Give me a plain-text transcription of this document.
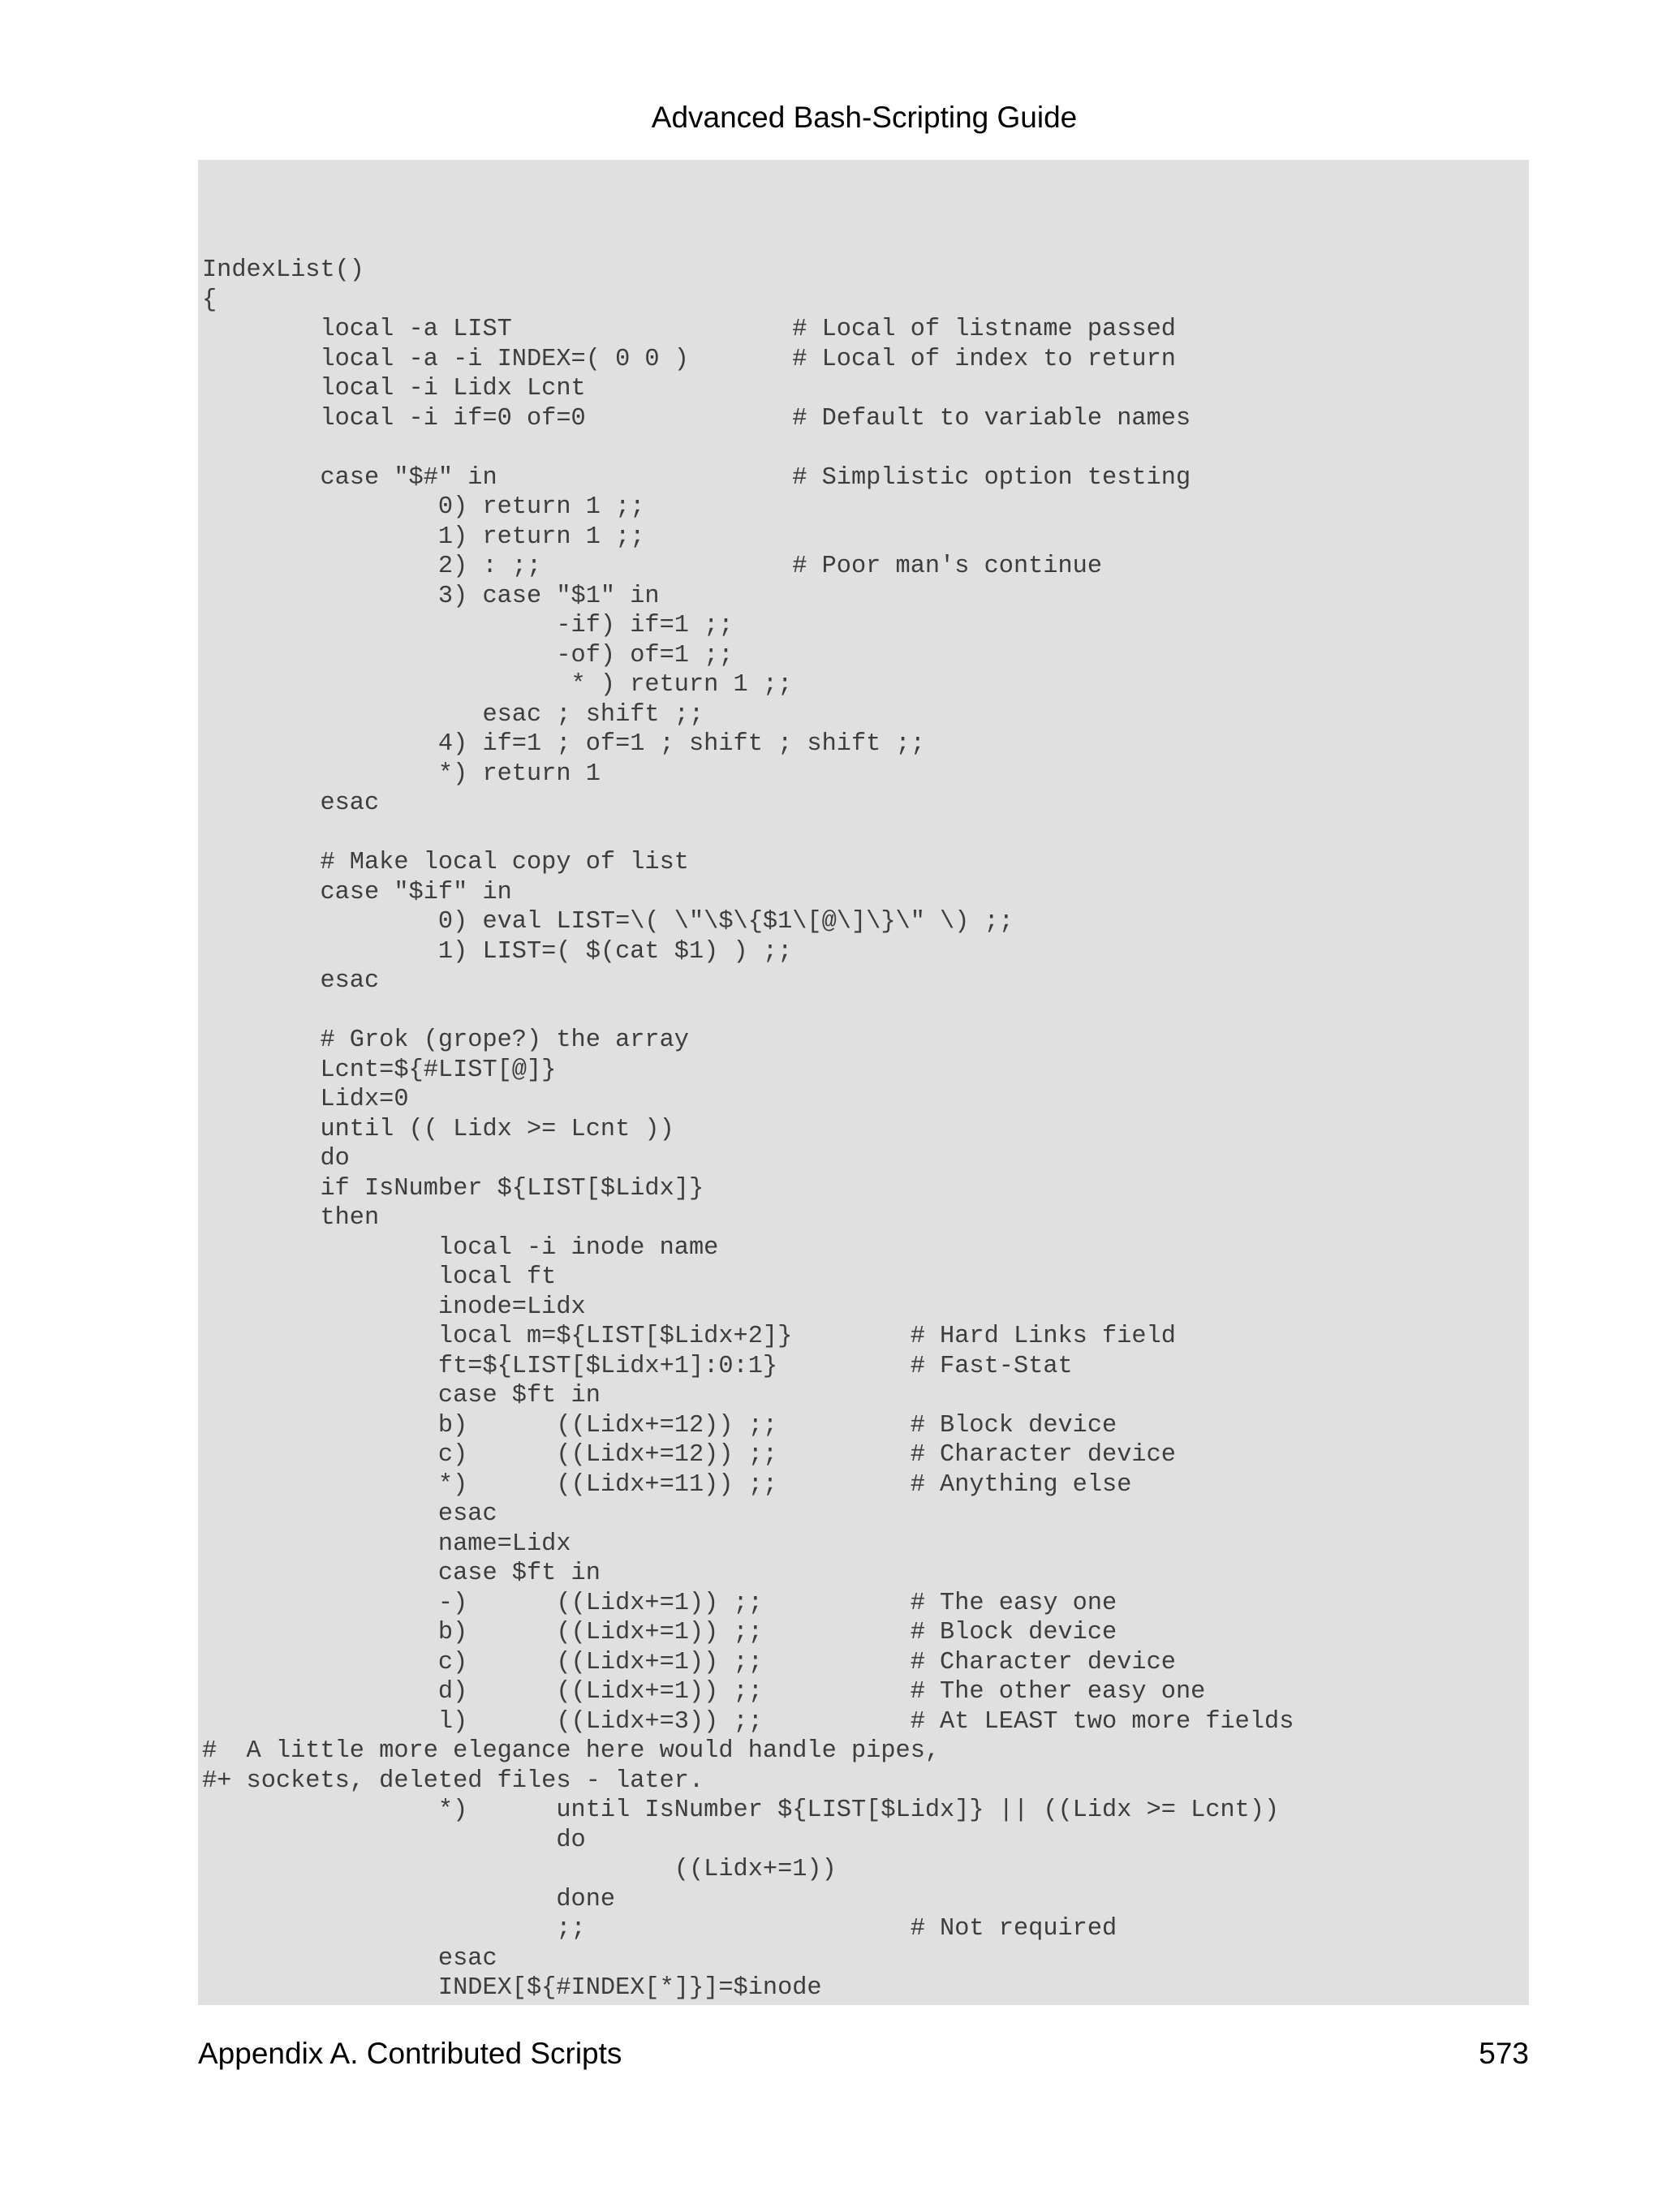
Advanced Bash-Scripting Guide
IndexList()
{
local -a LIST                   # Local of listname passed
local -a -i INDEX=( 0 0 )       # Local of index to return
local -i Lidx Lcnt
local -i if=0 of=0              # Default to variable names
case "$#" in                    # Simplistic option testing
0) return 1 ;;
1) return 1 ;;
2) : ;;                 # Poor man's continue
3) case "$1" in
-if) if=1 ;;
-of) of=1 ;;
* ) return 1 ;;
esac ; shift ;;
4) if=1 ; of=1 ; shift ; shift ;;
*) return 1
esac
# Make local copy of list
case "$if" in
0) eval LIST=\( \"\$\{$1\[@\]\}\" \) ;;
1) LIST=( $(cat $1) ) ;;
esac
# Grok (grope?) the array
Lcnt=${#LIST[@]}
Lidx=0
until (( Lidx >= Lcnt ))
do
if IsNumber ${LIST[$Lidx]}
then
local -i inode name
local ft
inode=Lidx
local m=${LIST[$Lidx+2]}        # Hard Links field
ft=${LIST[$Lidx+1]:0:1}         # Fast-Stat
case $ft in
b)      ((Lidx+=12)) ;;         # Block device
c)      ((Lidx+=12)) ;;         # Character device
*)      ((Lidx+=11)) ;;         # Anything else
esac
name=Lidx
case $ft in
-)      ((Lidx+=1)) ;;          # The easy one
b)      ((Lidx+=1)) ;;          # Block device
c)      ((Lidx+=1)) ;;          # Character device
d)      ((Lidx+=1)) ;;          # The other easy one
l)      ((Lidx+=3)) ;;          # At LEAST two more fields
#  A little more elegance here would handle pipes,
#+ sockets, deleted files - later.
*)      until IsNumber ${LIST[$Lidx]} || ((Lidx >= Lcnt))
do
((Lidx+=1))
done
;;                      # Not required
esac
INDEX[${#INDEX[*]}]=$inode
Appendix A. Contributed Scripts	573
